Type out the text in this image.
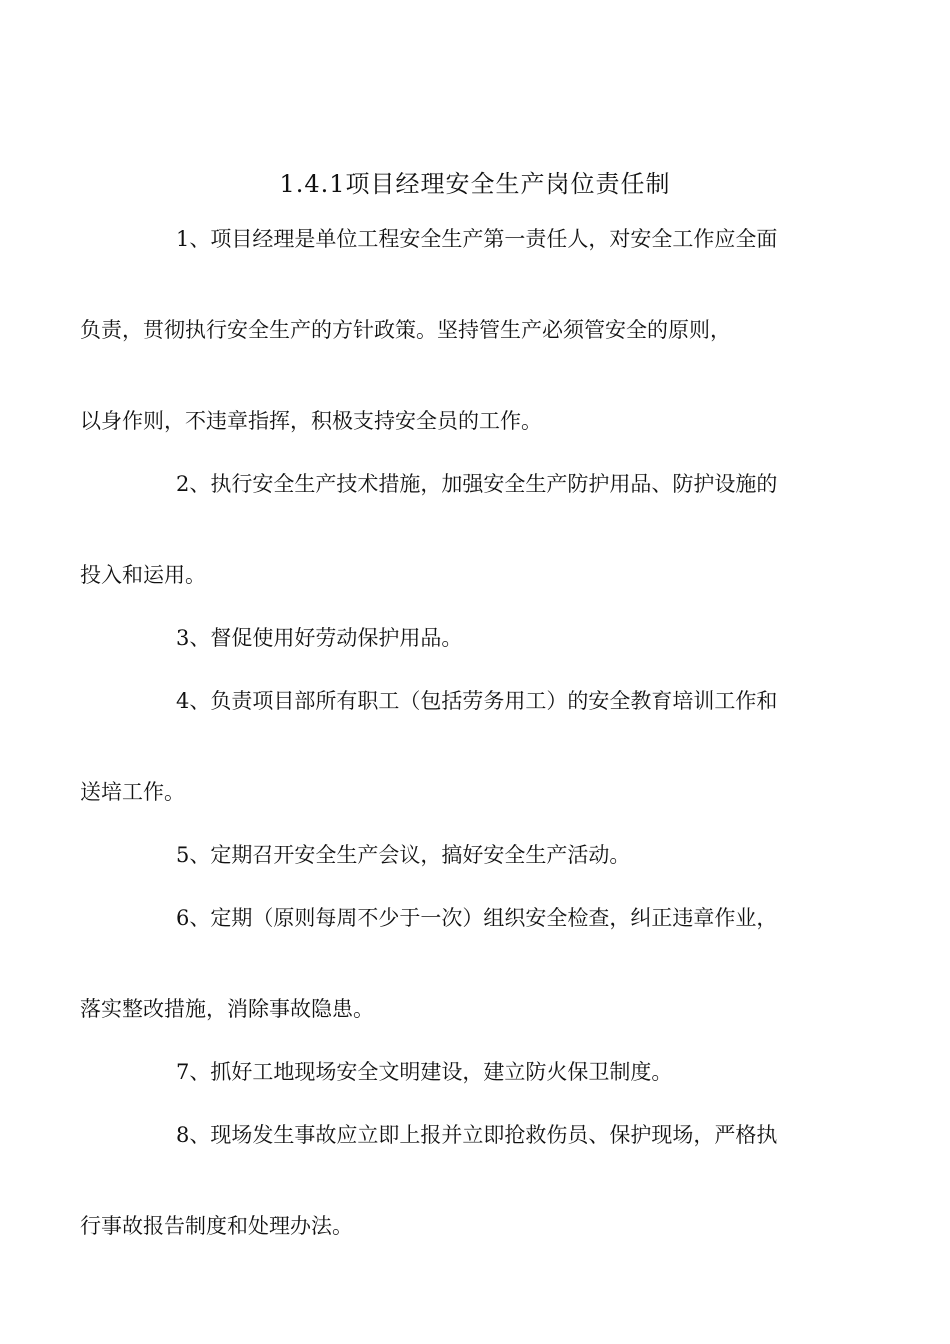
1.4.1项目经理安全生产岗位责任制
1、项目经理是单位工程安全生产第一责任人，对安全工作应全面
负责，贯彻执行安全生产的方针政策。坚持管生产必须管安全的原则，
以身作则，不违章指挥，积极支持安全员的工作。
2、执行安全生产技术措施，加强安全生产防护用品、防护设施的
投入和运用。
3、督促使用好劳动保护用品。
4、负责项目部所有职工（包括劳务用工）的安全教育培训工作和
送培工作。
5、定期召开安全生产会议，搞好安全生产活动。
6、定期（原则每周不少于一次）组织安全检查，纠正违章作业，
落实整改措施，消除事故隐患。
7、抓好工地现场安全文明建设，建立防火保卫制度。
8、现场发生事故应立即上报并立即抢救伤员、保护现场，严格执
行事故报告制度和处理办法。
